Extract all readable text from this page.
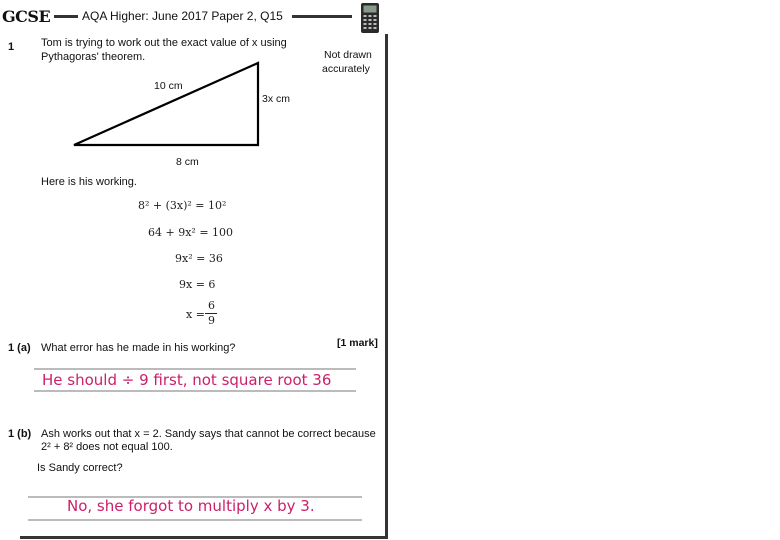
GCSE	AQA Higher: June 2017 Paper 2, Q15
1 Tom is trying to work out the exact value of x using
Pythagoras' theorem.	Not drawn
accurately
10 cm
3x cm
8 cm
Here is his working.
8² + (3x)² = 10²
64 + 9x² = 100
9x² = 36
9x = 6
x =
6
9
1 (a) What error has he made in his working?	[1 mark]
He should ÷ 9 first, not square root 36
1 (b) Ash works out that x = 2. Sandy says that cannot be correct because
2² + 8² does not equal 100.
Is Sandy correct?
No, she forgot to multiply x by 3.
